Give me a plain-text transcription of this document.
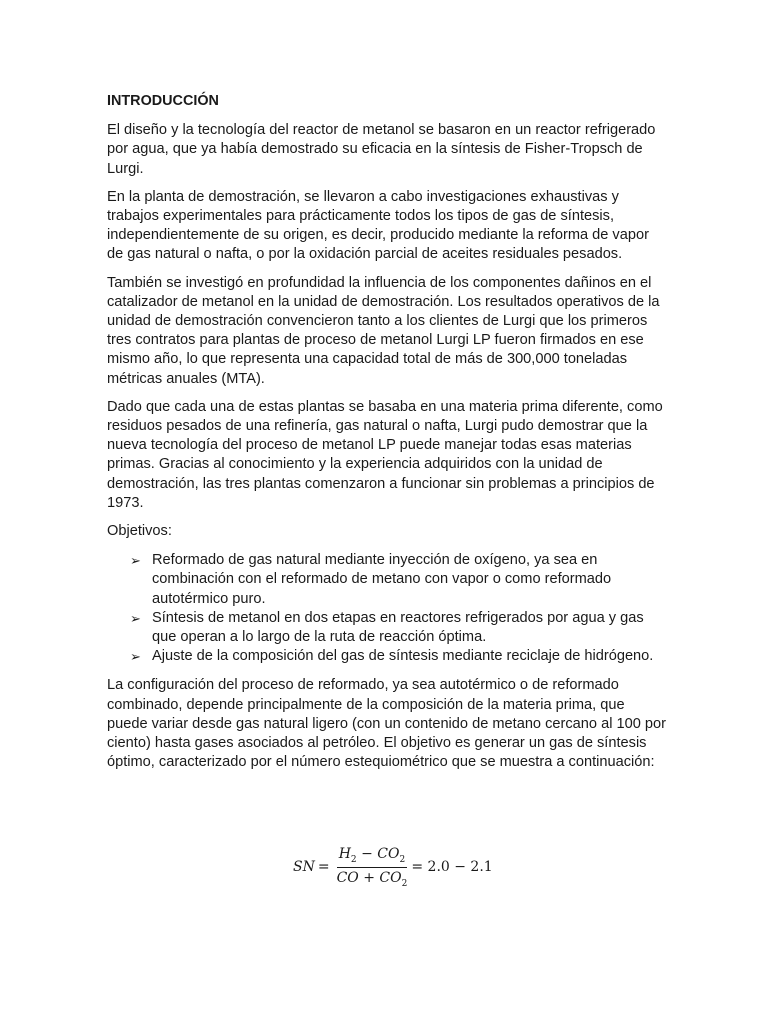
INTRODUCCIÓN

El diseño y la tecnología del reactor de metanol se basaron en un reactor refrigerado por agua, que ya había demostrado su eficacia en la síntesis de Fisher-Tropsch de Lurgi.

En la planta de demostración, se llevaron a cabo investigaciones exhaustivas y trabajos experimentales para prácticamente todos los tipos de gas de síntesis, independientemente de su origen, es decir, producido mediante la reforma de vapor de gas natural o nafta, o por la oxidación parcial de aceites residuales pesados.

También se investigó en profundidad la influencia de los componentes dañinos en el catalizador de metanol en la unidad de demostración. Los resultados operativos de la unidad de demostración convencieron tanto a los clientes de Lurgi que los primeros tres contratos para plantas de proceso de metanol Lurgi LP fueron firmados en ese mismo año, lo que representa una capacidad total de más de 300,000 toneladas métricas anuales (MTA).

Dado que cada una de estas plantas se basaba en una materia prima diferente, como residuos pesados de una refinería, gas natural o nafta, Lurgi pudo demostrar que la nueva tecnología del proceso de metanol LP puede manejar todas esas materias primas. Gracias al conocimiento y la experiencia adquiridos con la unidad de demostración, las tres plantas comenzaron a funcionar sin problemas a principios de 1973.

Objetivos:

➢ Reformado de gas natural mediante inyección de oxígeno, ya sea en combinación con el reformado de metano con vapor o como reformado autotérmico puro.
➢ Síntesis de metanol en dos etapas en reactores refrigerados por agua y gas que operan a lo largo de la ruta de reacción óptima.
➢ Ajuste de la composición del gas de síntesis mediante reciclaje de hidrógeno.

La configuración del proceso de reformado, ya sea autotérmico o de reformado combinado, depende principalmente de la composición de la materia prima, que puede variar desde gas natural ligero (con un contenido de metano cercano al 100 por ciento) hasta gases asociados al petróleo. El objetivo es generar un gas de síntesis óptimo, caracterizado por el número estequiométrico que se muestra a continuación:

SN = $\frac{H_2 - CO_2}{CO + CO_2} = 2.0 - 2.1$
